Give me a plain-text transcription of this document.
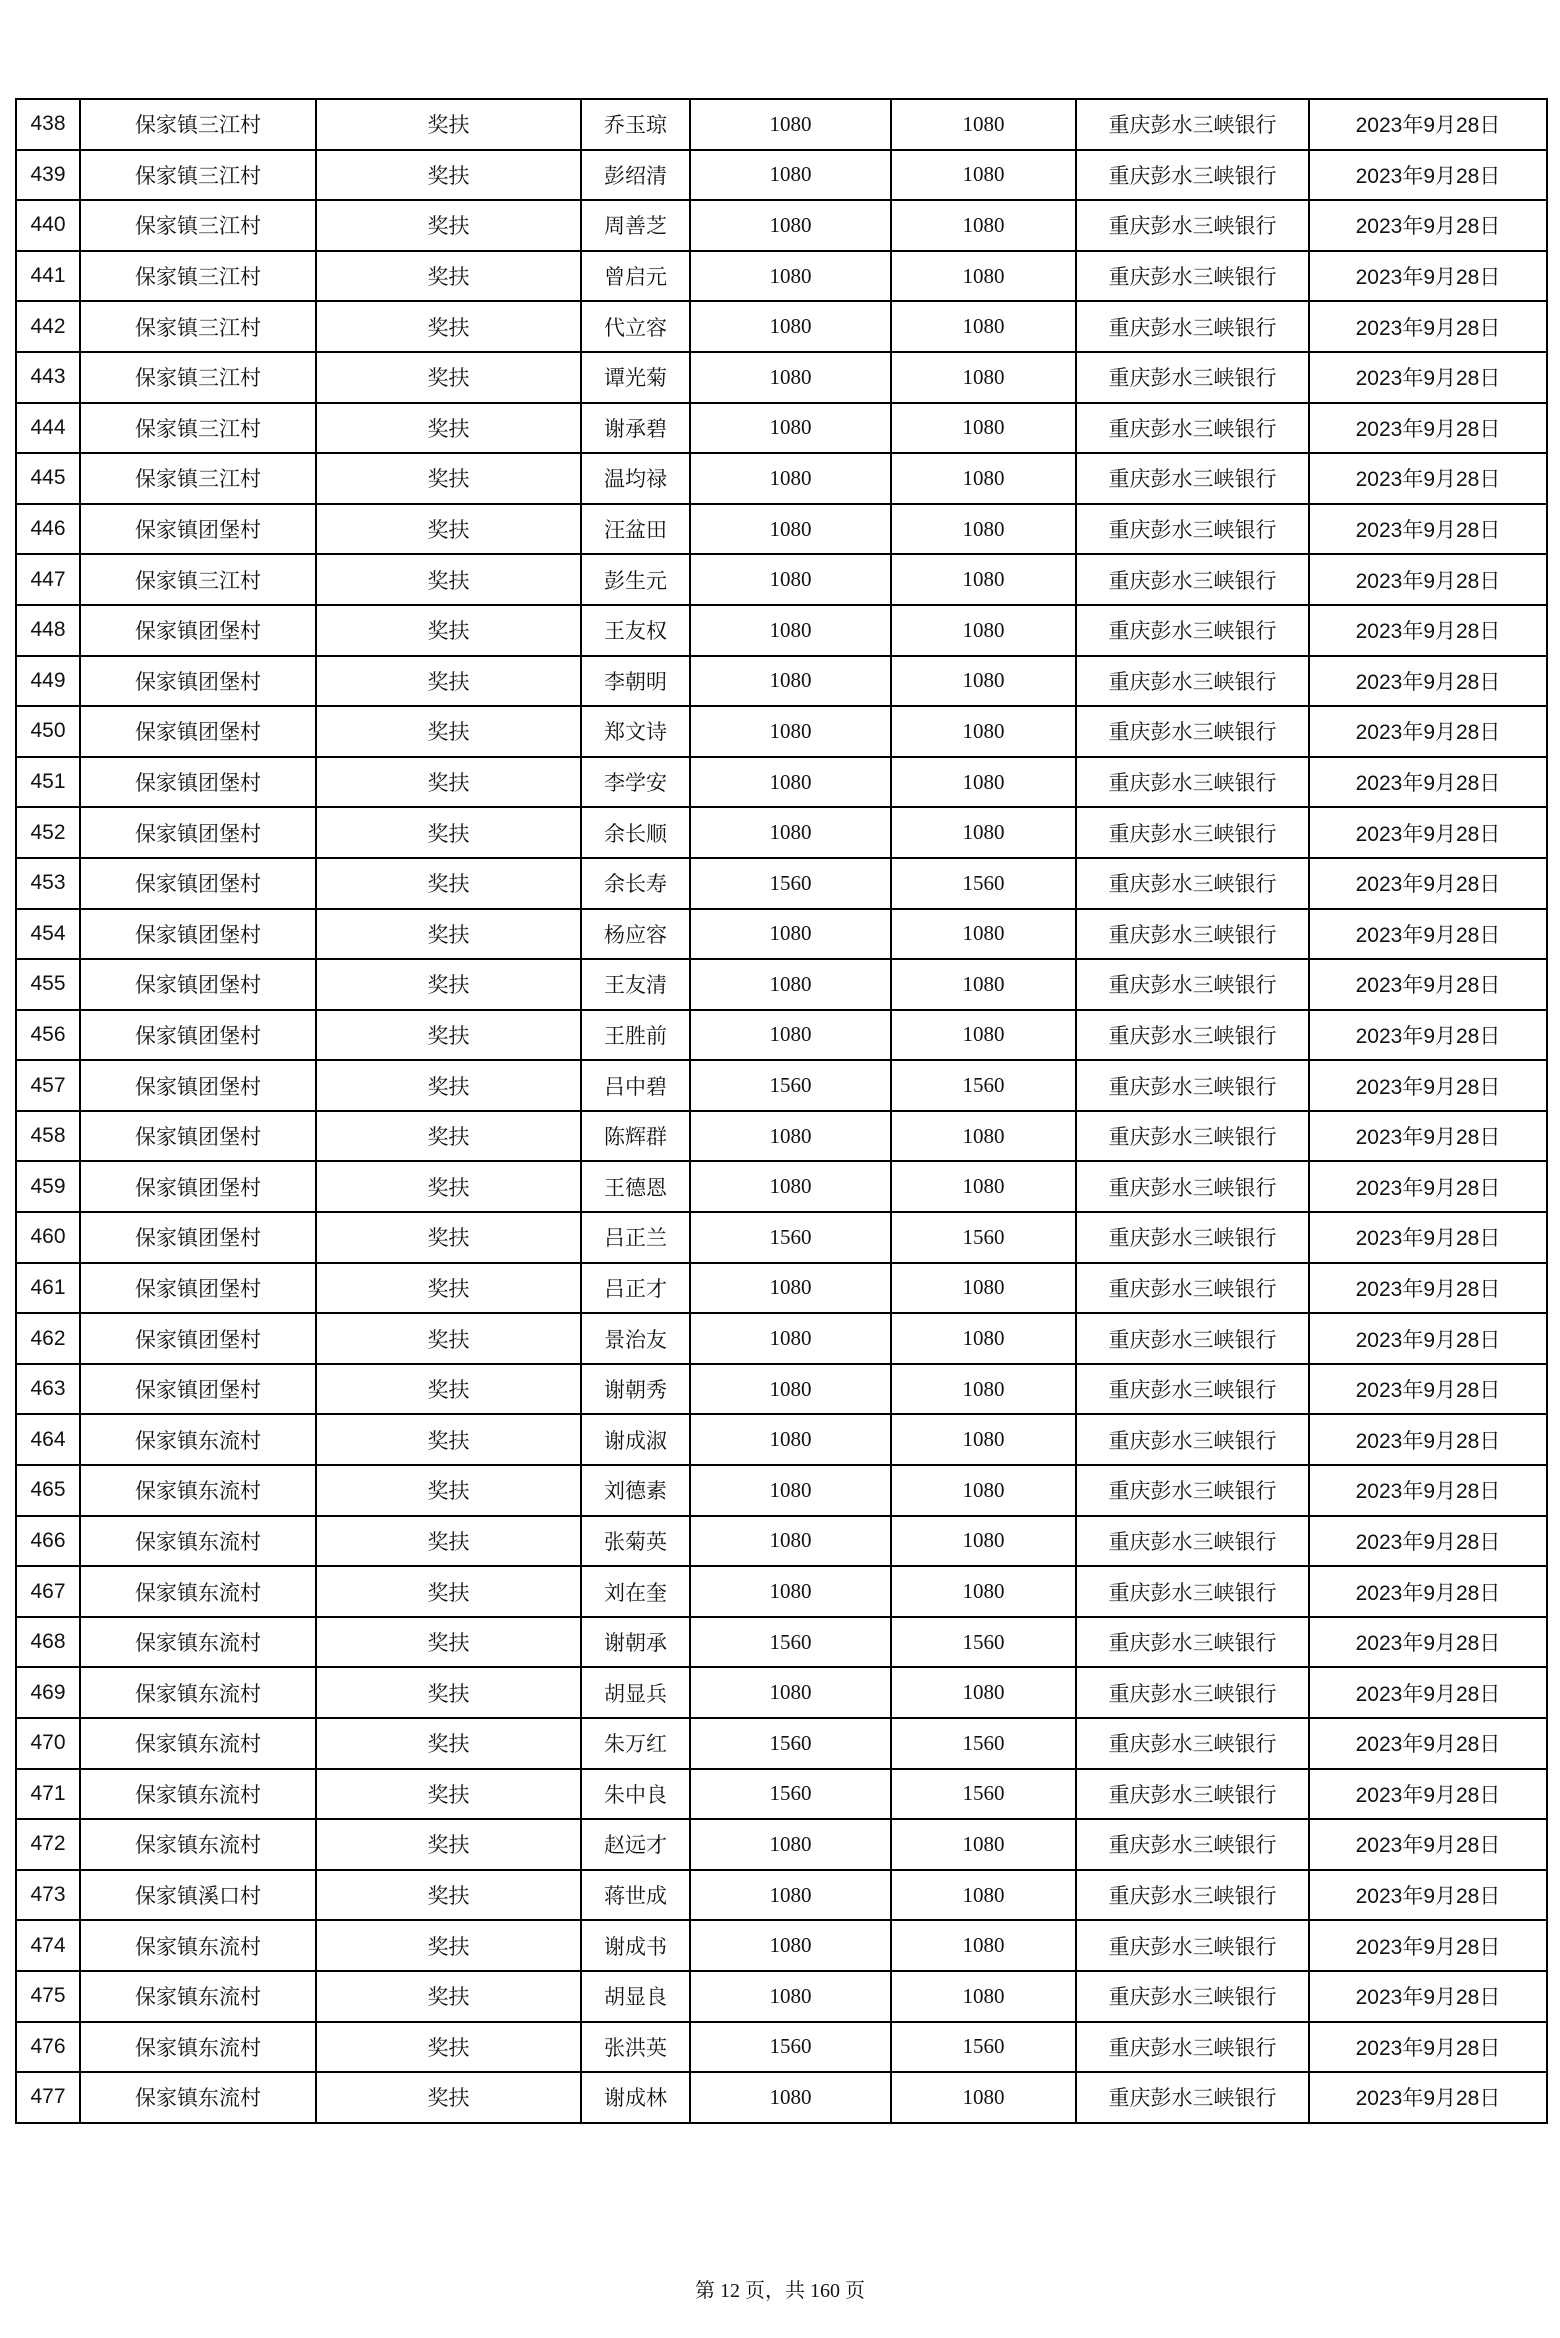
438	保家镇三江村	奖扶	乔玉琼	1080	1080	重庆彭水三峡银行	2023年9月28日
439	保家镇三江村	奖扶	彭绍清	1080	1080	重庆彭水三峡银行	2023年9月28日
440	保家镇三江村	奖扶	周善芝	1080	1080	重庆彭水三峡银行	2023年9月28日
441	保家镇三江村	奖扶	曾启元	1080	1080	重庆彭水三峡银行	2023年9月28日
442	保家镇三江村	奖扶	代立容	1080	1080	重庆彭水三峡银行	2023年9月28日
443	保家镇三江村	奖扶	谭光菊	1080	1080	重庆彭水三峡银行	2023年9月28日
444	保家镇三江村	奖扶	谢承碧	1080	1080	重庆彭水三峡银行	2023年9月28日
445	保家镇三江村	奖扶	温均禄	1080	1080	重庆彭水三峡银行	2023年9月28日
446	保家镇团堡村	奖扶	汪盆田	1080	1080	重庆彭水三峡银行	2023年9月28日
447	保家镇三江村	奖扶	彭生元	1080	1080	重庆彭水三峡银行	2023年9月28日
448	保家镇团堡村	奖扶	王友权	1080	1080	重庆彭水三峡银行	2023年9月28日
449	保家镇团堡村	奖扶	李朝明	1080	1080	重庆彭水三峡银行	2023年9月28日
450	保家镇团堡村	奖扶	郑文诗	1080	1080	重庆彭水三峡银行	2023年9月28日
451	保家镇团堡村	奖扶	李学安	1080	1080	重庆彭水三峡银行	2023年9月28日
452	保家镇团堡村	奖扶	余长顺	1080	1080	重庆彭水三峡银行	2023年9月28日
453	保家镇团堡村	奖扶	余长寿	1560	1560	重庆彭水三峡银行	2023年9月28日
454	保家镇团堡村	奖扶	杨应容	1080	1080	重庆彭水三峡银行	2023年9月28日
455	保家镇团堡村	奖扶	王友清	1080	1080	重庆彭水三峡银行	2023年9月28日
456	保家镇团堡村	奖扶	王胜前	1080	1080	重庆彭水三峡银行	2023年9月28日
457	保家镇团堡村	奖扶	吕中碧	1560	1560	重庆彭水三峡银行	2023年9月28日
458	保家镇团堡村	奖扶	陈辉群	1080	1080	重庆彭水三峡银行	2023年9月28日
459	保家镇团堡村	奖扶	王德恩	1080	1080	重庆彭水三峡银行	2023年9月28日
460	保家镇团堡村	奖扶	吕正兰	1560	1560	重庆彭水三峡银行	2023年9月28日
461	保家镇团堡村	奖扶	吕正才	1080	1080	重庆彭水三峡银行	2023年9月28日
462	保家镇团堡村	奖扶	景治友	1080	1080	重庆彭水三峡银行	2023年9月28日
463	保家镇团堡村	奖扶	谢朝秀	1080	1080	重庆彭水三峡银行	2023年9月28日
464	保家镇东流村	奖扶	谢成淑	1080	1080	重庆彭水三峡银行	2023年9月28日
465	保家镇东流村	奖扶	刘德素	1080	1080	重庆彭水三峡银行	2023年9月28日
466	保家镇东流村	奖扶	张菊英	1080	1080	重庆彭水三峡银行	2023年9月28日
467	保家镇东流村	奖扶	刘在奎	1080	1080	重庆彭水三峡银行	2023年9月28日
468	保家镇东流村	奖扶	谢朝承	1560	1560	重庆彭水三峡银行	2023年9月28日
469	保家镇东流村	奖扶	胡显兵	1080	1080	重庆彭水三峡银行	2023年9月28日
470	保家镇东流村	奖扶	朱万红	1560	1560	重庆彭水三峡银行	2023年9月28日
471	保家镇东流村	奖扶	朱中良	1560	1560	重庆彭水三峡银行	2023年9月28日
472	保家镇东流村	奖扶	赵远才	1080	1080	重庆彭水三峡银行	2023年9月28日
473	保家镇溪口村	奖扶	蒋世成	1080	1080	重庆彭水三峡银行	2023年9月28日
474	保家镇东流村	奖扶	谢成书	1080	1080	重庆彭水三峡银行	2023年9月28日
475	保家镇东流村	奖扶	胡显良	1080	1080	重庆彭水三峡银行	2023年9月28日
476	保家镇东流村	奖扶	张洪英	1560	1560	重庆彭水三峡银行	2023年9月28日
477	保家镇东流村	奖扶	谢成林	1080	1080	重庆彭水三峡银行	2023年9月28日
第 12 页，共 160 页
